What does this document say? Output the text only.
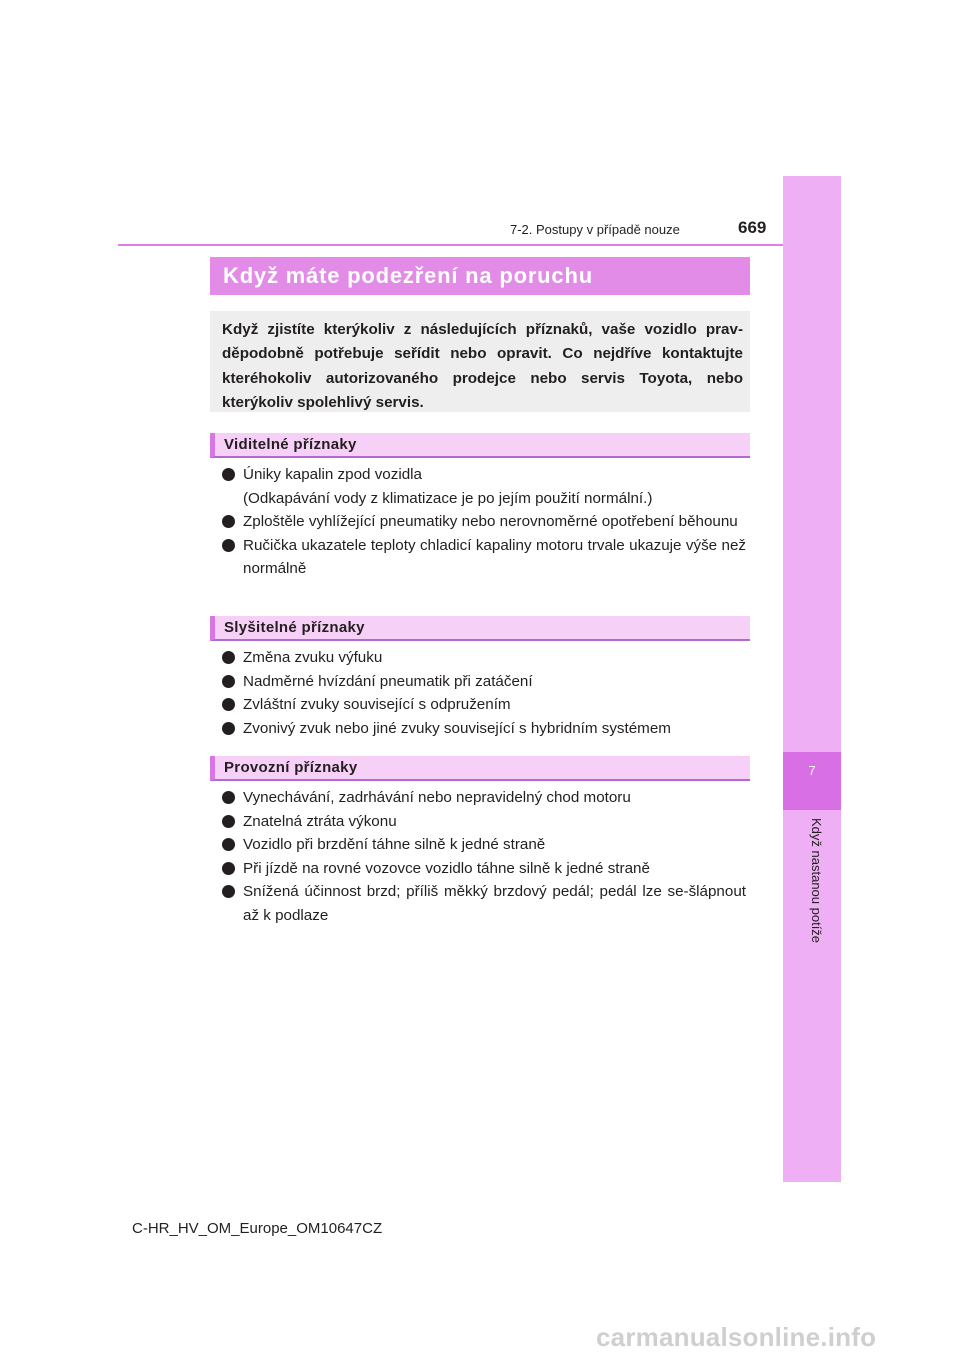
7
Když nastanou potíže
7-2. Postupy v případě nouze	669
Když máte podezření na poruchu
Když zjistíte kterýkoliv z následujících příznaků, vaše vozidlo prav-děpodobně potřebuje seřídit nebo opravit. Co nejdříve kontaktujte kteréhokoliv autorizovaného prodejce nebo servis Toyota, nebo kterýkoliv spolehlivý servis.
Viditelné příznaky
Úniky kapalin zpod vozidla
(Odkapávání vody z klimatizace je po jejím použití normální.)
Zploštěle vyhlížející pneumatiky nebo nerovnoměrné opotřebení běhounu
Ručička ukazatele teploty chladicí kapaliny motoru trvale ukazuje výše než normálně
Slyšitelné příznaky
Změna zvuku výfuku
Nadměrné hvízdání pneumatik při zatáčení
Zvláštní zvuky související s odpružením
Zvonivý zvuk nebo jiné zvuky související s hybridním systémem
Provozní příznaky
Vynechávání, zadrhávání nebo nepravidelný chod motoru
Znatelná ztráta výkonu
Vozidlo při brzdění táhne silně k jedné straně
Při jízdě na rovné vozovce vozidlo táhne silně k jedné straně
Snížená účinnost brzd; příliš měkký brzdový pedál; pedál lze se-šlápnout až k podlaze
C-HR_HV_OM_Europe_OM10647CZ
carmanualsonline.info
